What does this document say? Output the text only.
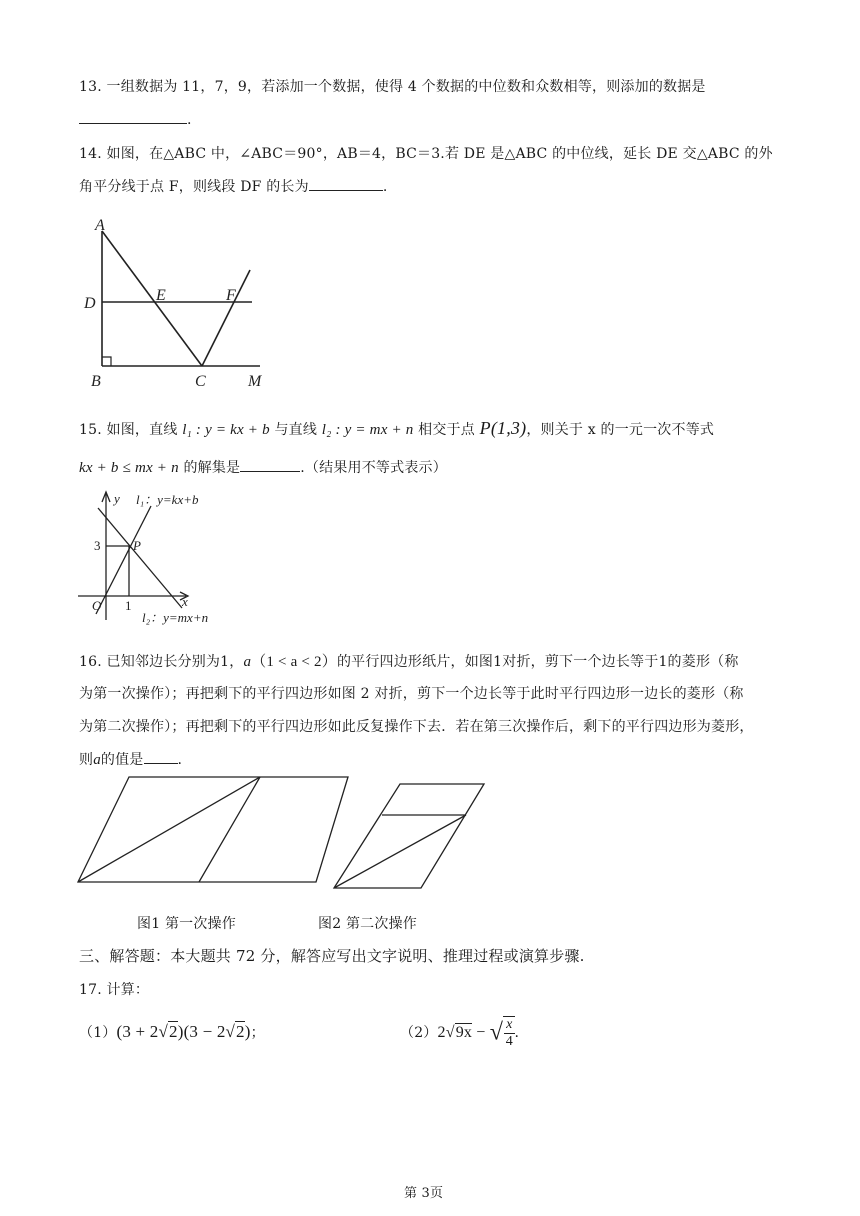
13. 一组数据为 11，7，9，若添加一个数据，使得 4 个数据的中位数和众数相等，则添加的数据是
.
14. 如图，在△ABC 中，∠ABC＝90°，AB＝4，BC＝3.若 DE 是△ABC 的中位线，延长 DE 交△ABC 的外
角平分线于点 F，则线段 DF 的长为	.
A
D	E	F
B	C	M
15. 如图，直线 l₁ : y = kx + b 与直线 l₂ : y = mx + n 相交于点 P(1,3)，则关于 x 的一元一次不等式
kx + b ≤ mx + n 的解集是	.（结果用不等式表示）
y
x
O
3
1
P
l₁：y=kx+b
l₂：y=mx+n
16. 已知邻边长分别为1，a（1 < a < 2）的平行四边形纸片，如图1对折，剪下一个边长等于1的菱形（称
为第一次操作）；再把剩下的平行四边形如图 2 对折，剪下一个边长等于此时平行四边形一边长的菱形（称
为第二次操作）；再把剩下的平行四边形如此反复操作下去．若在第三次操作后，剩下的平行四边形为菱形，
则a的值是 .
图1 第一次操作	图2 第二次操作
三、解答题：本大题共 72 分，解答应写出文字说明、推理过程或演算步骤.
17. 计算：
（1）(3 + 2√2)(3 − 2√2)；	（2）2√9x − √ $\frac{x}{4}$ .
第 3页
